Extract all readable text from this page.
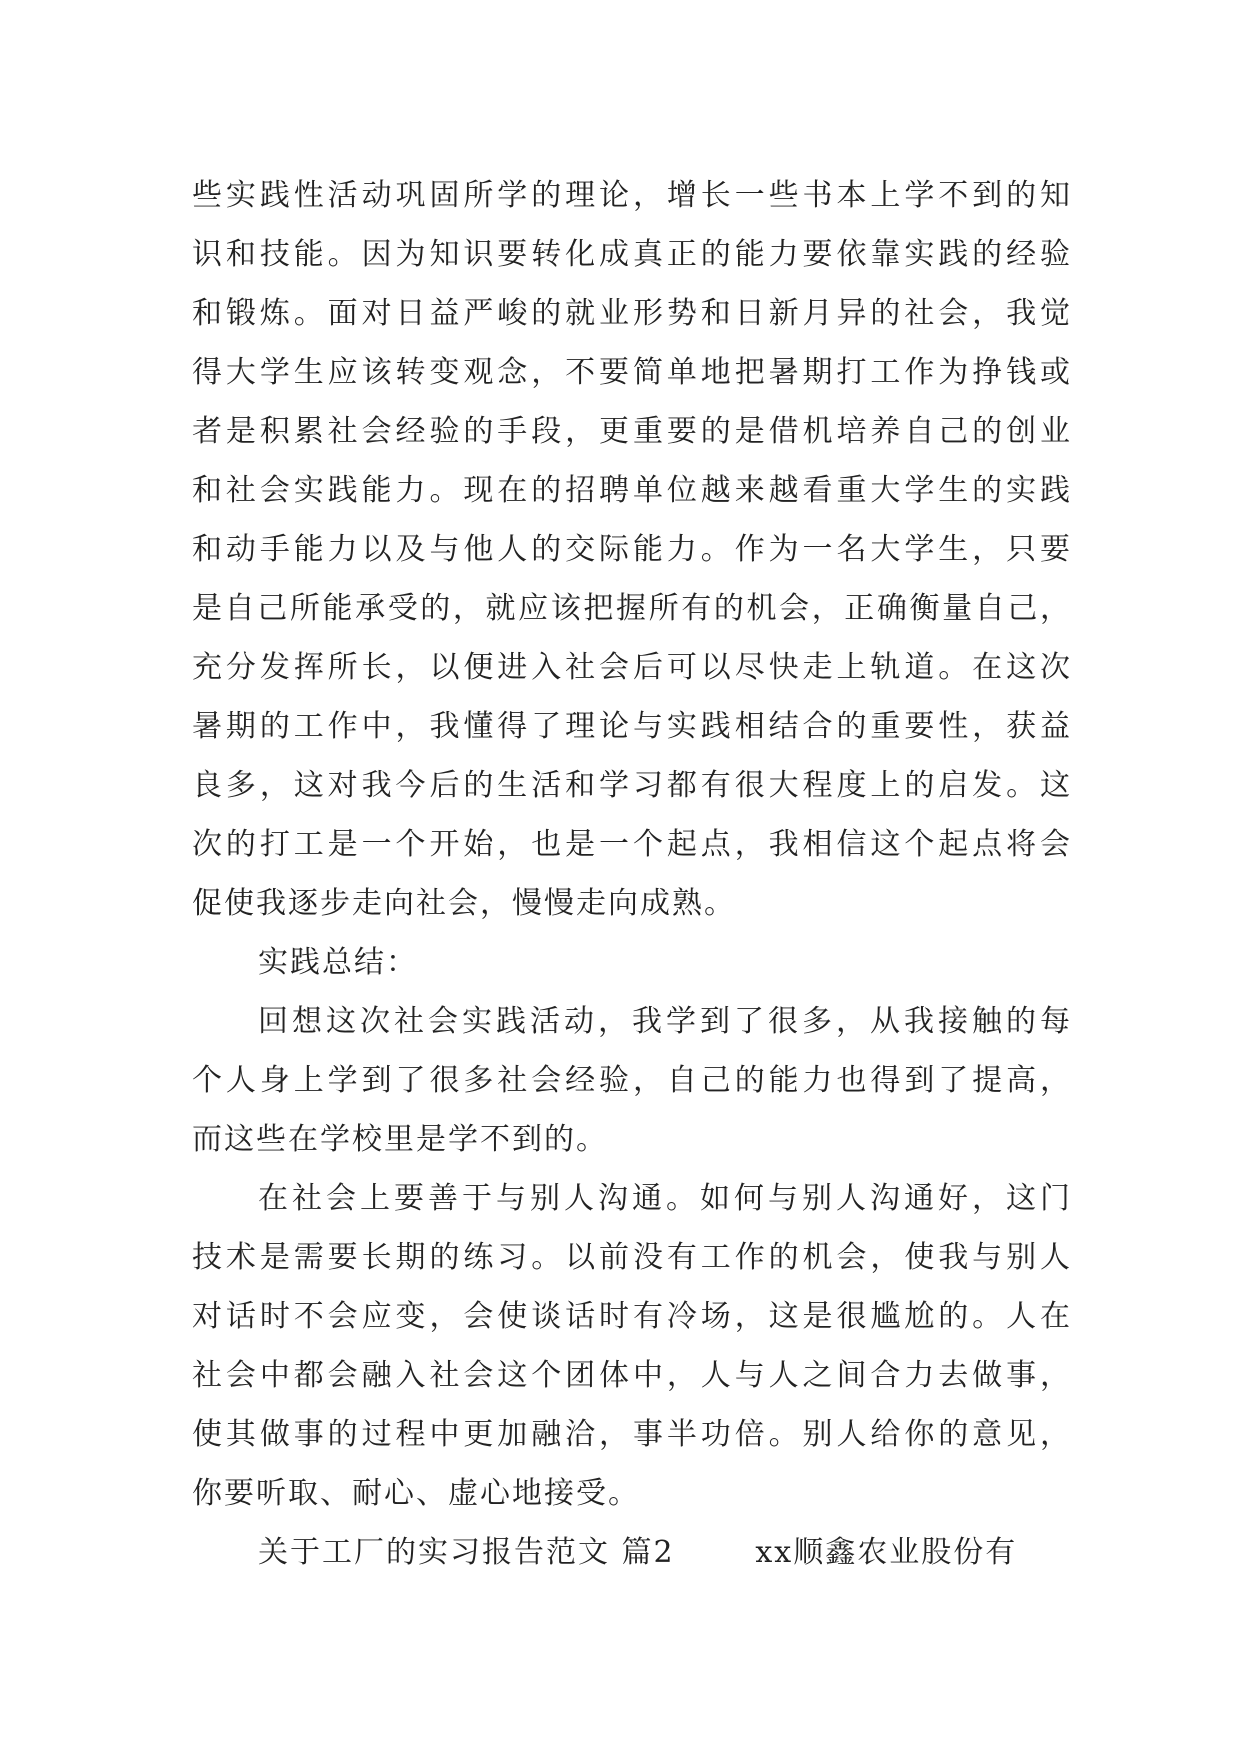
些实践性活动巩固所学的理论，增长一些书本上学不到的知
识和技能。因为知识要转化成真正的能力要依靠实践的经验
和锻炼。面对日益严峻的就业形势和日新月异的社会，我觉
得大学生应该转变观念，不要简单地把暑期打工作为挣钱或
者是积累社会经验的手段，更重要的是借机培养自己的创业
和社会实践能力。现在的招聘单位越来越看重大学生的实践
和动手能力以及与他人的交际能力。作为一名大学生，只要
是自己所能承受的，就应该把握所有的机会，正确衡量自己，
充分发挥所长，以便进入社会后可以尽快走上轨道。在这次
暑期的工作中，我懂得了理论与实践相结合的重要性，获益
良多，这对我今后的生活和学习都有很大程度上的启发。这
次的打工是一个开始，也是一个起点，我相信这个起点将会
促使我逐步走向社会，慢慢走向成熟。
实践总结：
回想这次社会实践活动，我学到了很多，从我接触的每
个人身上学到了很多社会经验，自己的能力也得到了提高，
而这些在学校里是学不到的。
在社会上要善于与别人沟通。如何与别人沟通好，这门
技术是需要长期的练习。以前没有工作的机会，使我与别人
对话时不会应变，会使谈话时有冷场，这是很尴尬的。人在
社会中都会融入社会这个团体中，人与人之间合力去做事，
使其做事的过程中更加融洽，事半功倍。别人给你的意见，
你要听取、耐心、虚心地接受。
关于工厂的实习报告范文 篇2       xx顺鑫农业股份有
